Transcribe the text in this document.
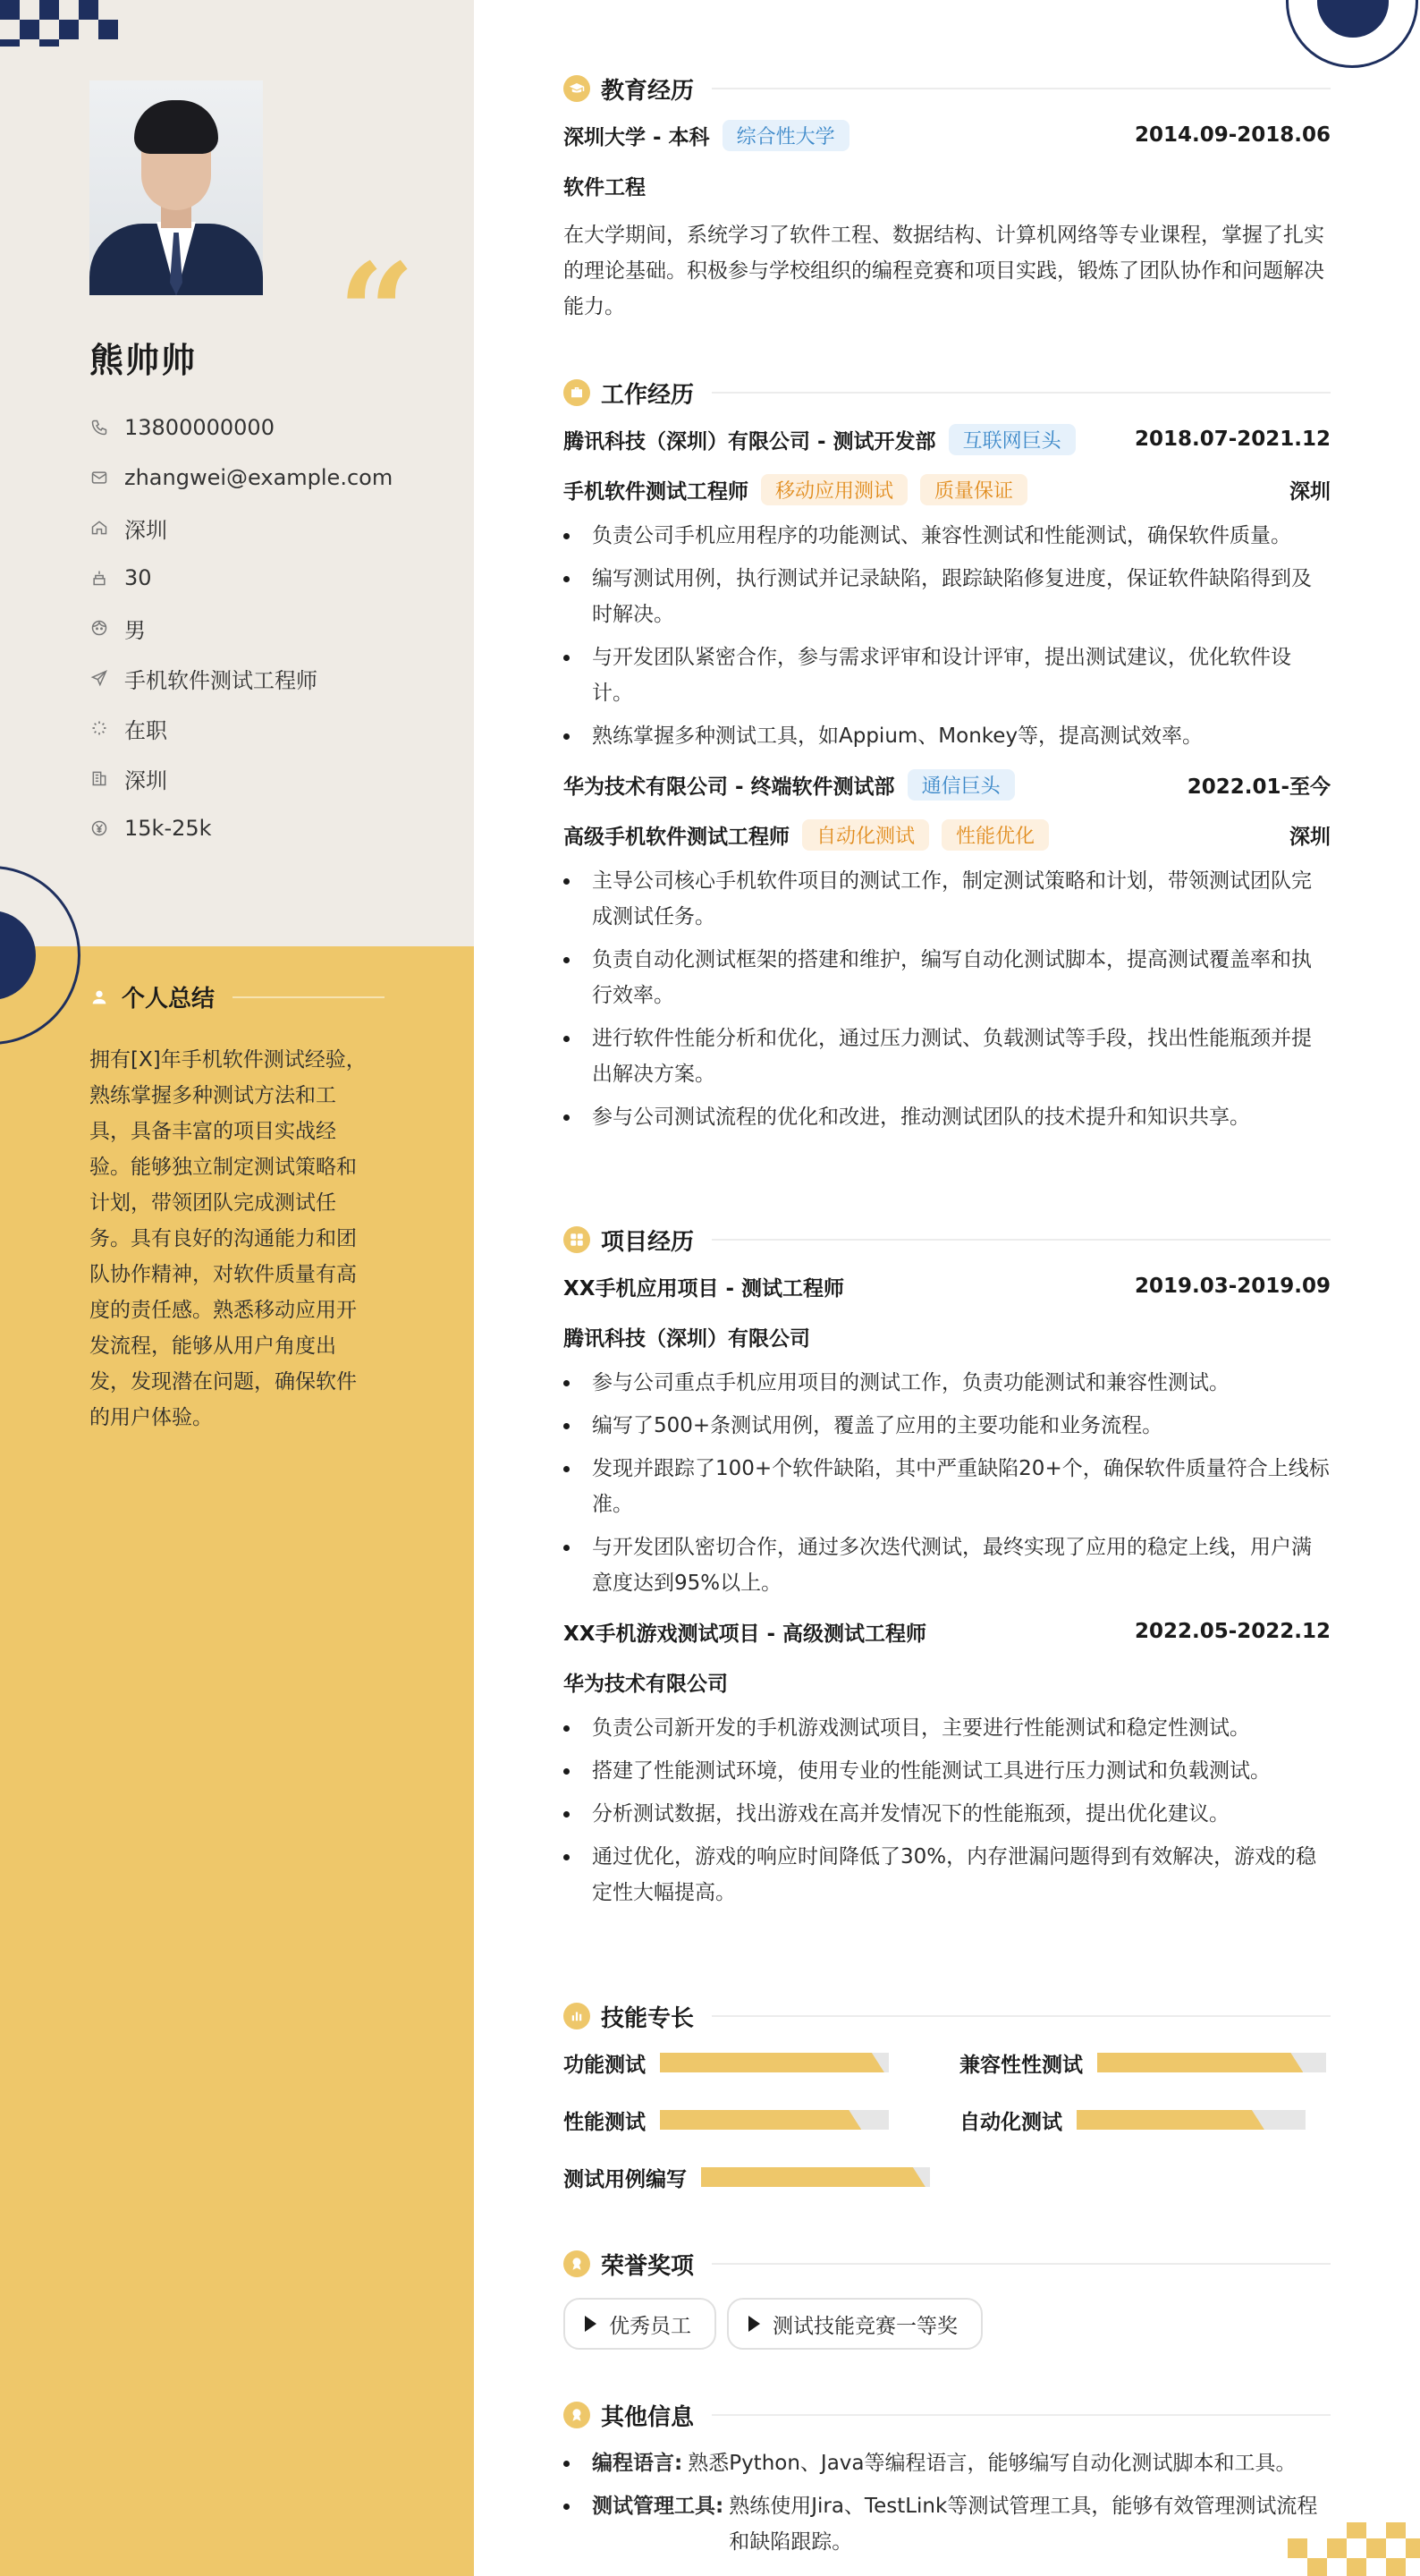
“
熊帅帅
13800000000
zhangwei@example.com
深圳
30
男
手机软件测试工程师
在职
深圳
15k-25k
个人总结
拥有[X]年手机软件测试经验，熟练掌握多种测试方法和工具，具备丰富的项目实战经验。能够独立制定测试策略和计划，带领团队完成测试任务。具有良好的沟通能力和团队协作精神，对软件质量有高度的责任感。熟悉移动应用开发流程，能够从用户角度出发，发现潜在问题，确保软件的用户体验。
教育经历
深圳大学 - 本科	综合性大学	2014.09-2018.06
软件工程
在大学期间，系统学习了软件工程、数据结构、计算机网络等专业课程，掌握了扎实的理论基础。积极参与学校组织的编程竞赛和项目实践，锻炼了团队协作和问题解决能力。
工作经历
腾讯科技（深圳）有限公司 - 测试开发部	互联网巨头	2018.07-2021.12
手机软件测试工程师	移动应用测试	质量保证	深圳
负责公司手机应用程序的功能测试、兼容性测试和性能测试，确保软件质量。
编写测试用例，执行测试并记录缺陷，跟踪缺陷修复进度，保证软件缺陷得到及时解决。
与开发团队紧密合作，参与需求评审和设计评审，提出测试建议，优化软件设计。
熟练掌握多种测试工具，如Appium、Monkey等，提高测试效率。
华为技术有限公司 - 终端软件测试部	通信巨头	2022.01-至今
高级手机软件测试工程师	自动化测试	性能优化	深圳
主导公司核心手机软件项目的测试工作，制定测试策略和计划，带领测试团队完成测试任务。
负责自动化测试框架的搭建和维护，编写自动化测试脚本，提高测试覆盖率和执行效率。
进行软件性能分析和优化，通过压力测试、负载测试等手段，找出性能瓶颈并提出解决方案。
参与公司测试流程的优化和改进，推动测试团队的技术提升和知识共享。
项目经历
XX手机应用项目 - 测试工程师	2019.03-2019.09
腾讯科技（深圳）有限公司
参与公司重点手机应用项目的测试工作，负责功能测试和兼容性测试。
编写了500+条测试用例，覆盖了应用的主要功能和业务流程。
发现并跟踪了100+个软件缺陷，其中严重缺陷20+个，确保软件质量符合上线标准。
与开发团队密切合作，通过多次迭代测试，最终实现了应用的稳定上线，用户满意度达到95%以上。
XX手机游戏测试项目 - 高级测试工程师	2022.05-2022.12
华为技术有限公司
负责公司新开发的手机游戏测试项目，主要进行性能测试和稳定性测试。
搭建了性能测试环境，使用专业的性能测试工具进行压力测试和负载测试。
分析测试数据，找出游戏在高并发情况下的性能瓶颈，提出优化建议。
通过优化，游戏的响应时间降低了30%，内存泄漏问题得到有效解决，游戏的稳定性大幅提高。
技能专长
功能测试	兼容性性测试
性能测试	自动化测试
测试用例编写
荣誉奖项
优秀员工	测试技能竞赛一等奖
其他信息
编程语言: 熟悉Python、Java等编程语言，能够编写自动化测试脚本和工具。
测试管理工具: 熟练使用Jira、TestLink等测试管理工具，能够有效管理测试流程和缺陷跟踪。
